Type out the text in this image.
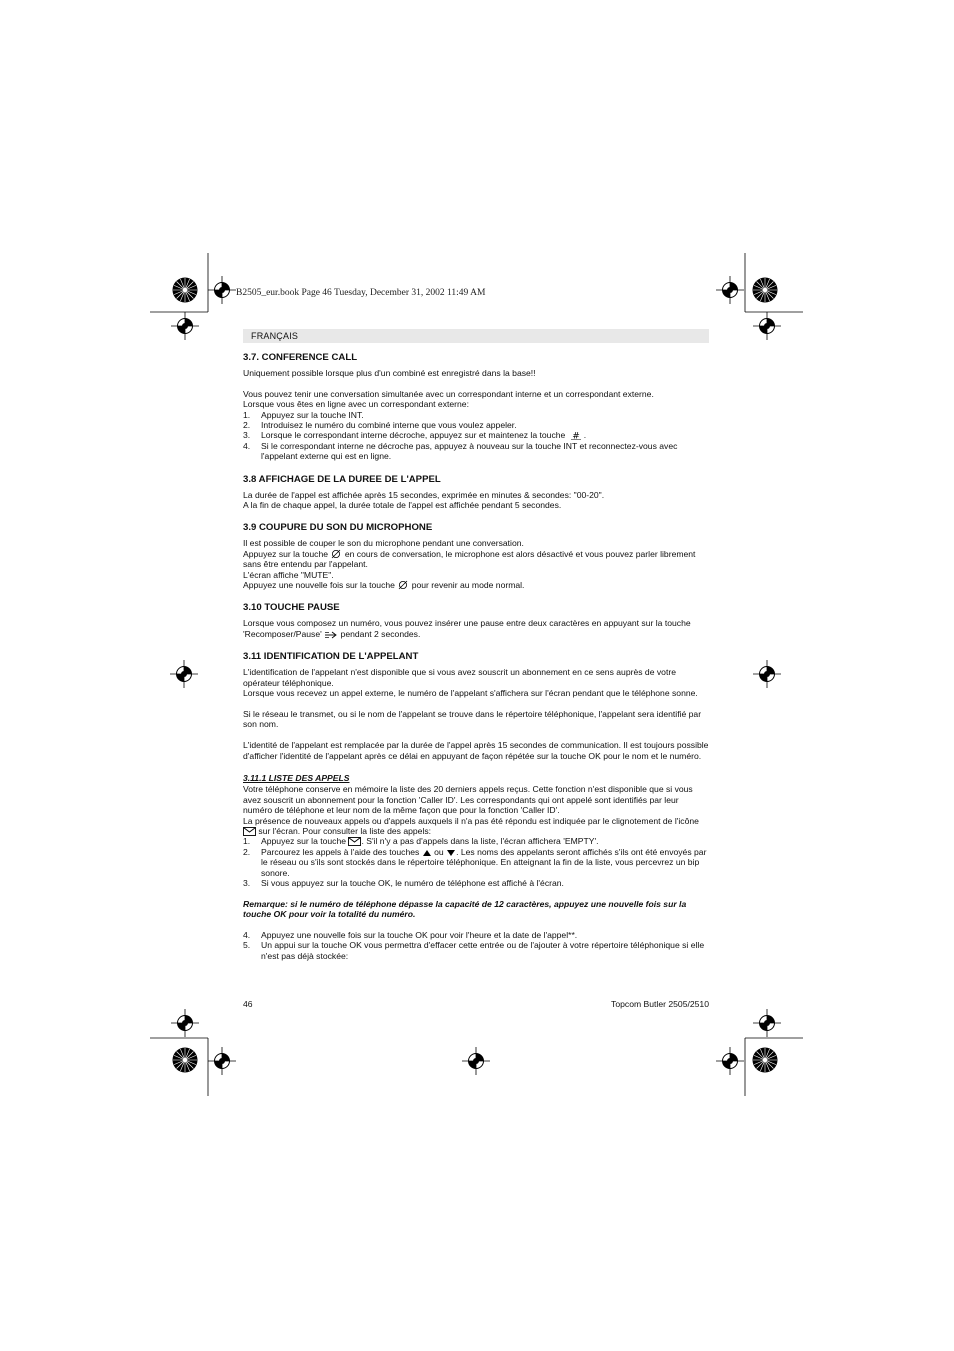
B2505_eur.book Page 46 Tuesday, December 31, 2002 11:49 AM
FRANÇAIS
3.7. CONFERENCE CALL

Uniquement possible lorsque plus d'un combiné est enregistré dans la base!!

Vous pouvez tenir une conversation simultanée avec un correspondant interne et un correspondant externe.

Lorsque vous êtes en ligne avec un correspondant externe:

1. Appuyez sur la touche INT.
2. Introduisez le numéro du combiné interne que vous voulez appeler.
3. Lorsque le correspondant interne décroche, appuyez sur et maintenez la touche # .
4. Si le correspondant interne ne décroche pas, appuyez à nouveau sur la touche INT et reconnectez-vous avec l'appelant externe qui est en ligne.
3.8 AFFICHAGE DE LA DUREE DE L'APPEL

La durée de l'appel est affichée après 15 secondes, exprimée en minutes & secondes: "00-20".

A la fin de chaque appel, la durée totale de l'appel est affichée pendant 5 secondes.

3.9 COUPURE DU SON DU MICROPHONE

Il est possible de couper le son du microphone pendant une conversation.

Appuyez sur la touche en cours de conversation, le microphone est alors désactivé et vous pouvez parler librement sans être entendu par l'appelant.

L'écran affiche "MUTE".

Appuyez une nouvelle fois sur la touche pour revenir au mode normal.

3.10 TOUCHE PAUSE

Lorsque vous composez un numéro, vous pouvez insérer une pause entre deux caractères en appuyant sur la touche 'Recomposer/Pause' pendant 2 secondes.

3.11 IDENTIFICATION DE L'APPELANT

L'identification de l'appelant n'est disponible que si vous avez souscrit un abonnement en ce sens auprès de votre opérateur téléphonique.

Lorsque vous recevez un appel externe, le numéro de l'appelant s'affichera sur l'écran pendant que le téléphone sonne.

Si le réseau le transmet, ou si le nom de l'appelant se trouve dans le répertoire téléphonique, l'appelant sera identifié par son nom.

L'identité de l'appelant est remplacée par la durée de l'appel après 15 secondes de communication. Il est toujours possible d'afficher l'identité de l'appelant après ce délai en appuyant de façon répétée sur la touche OK pour le nom et le numéro.

3.11.1 LISTE DES APPELS

Votre téléphone conserve en mémoire la liste des 20 derniers appels reçus. Cette fonction n'est disponible que si vous avez souscrit un abonnement pour la fonction 'Caller ID'. Les correspondants qui ont appelé sont identifiés par leur numéro de téléphone et leur nom de la même façon que pour la fonction 'Caller ID'.

La présence de nouveaux appels ou d'appels auxquels il n'a pas été répondu est indiquée par le clignotement de l'icône  sur l'écran. Pour consulter la liste des appels:

1. Appuyez sur la touche . S'il n'y a pas d'appels dans la liste, l'écran affichera 'EMPTY'.
2. Parcourez les appels à l'aide des touches ou . Les noms des appelants seront affichés s'ils ont été envoyés par le réseau ou s'ils sont stockés dans le répertoire téléphonique. En atteignant la fin de la liste, vous percevrez un bip sonore.
3. Si vous appuyez sur la touche OK, le numéro de téléphone est affiché à l'écran.

Remarque: si le numéro de téléphone dépasse la capacité de 12 caractères, appuyez une nouvelle fois sur la touche OK pour voir la totalité du numéro.

4. Appuyez une nouvelle fois sur la touche OK pour voir l'heure et la date de l'appel**.
5. Un appui sur la touche OK vous permettra d'effacer cette entrée ou de l'ajouter à votre répertoire téléphonique si elle n'est pas déjà stockée:
46	Topcom Butler 2505/2510
